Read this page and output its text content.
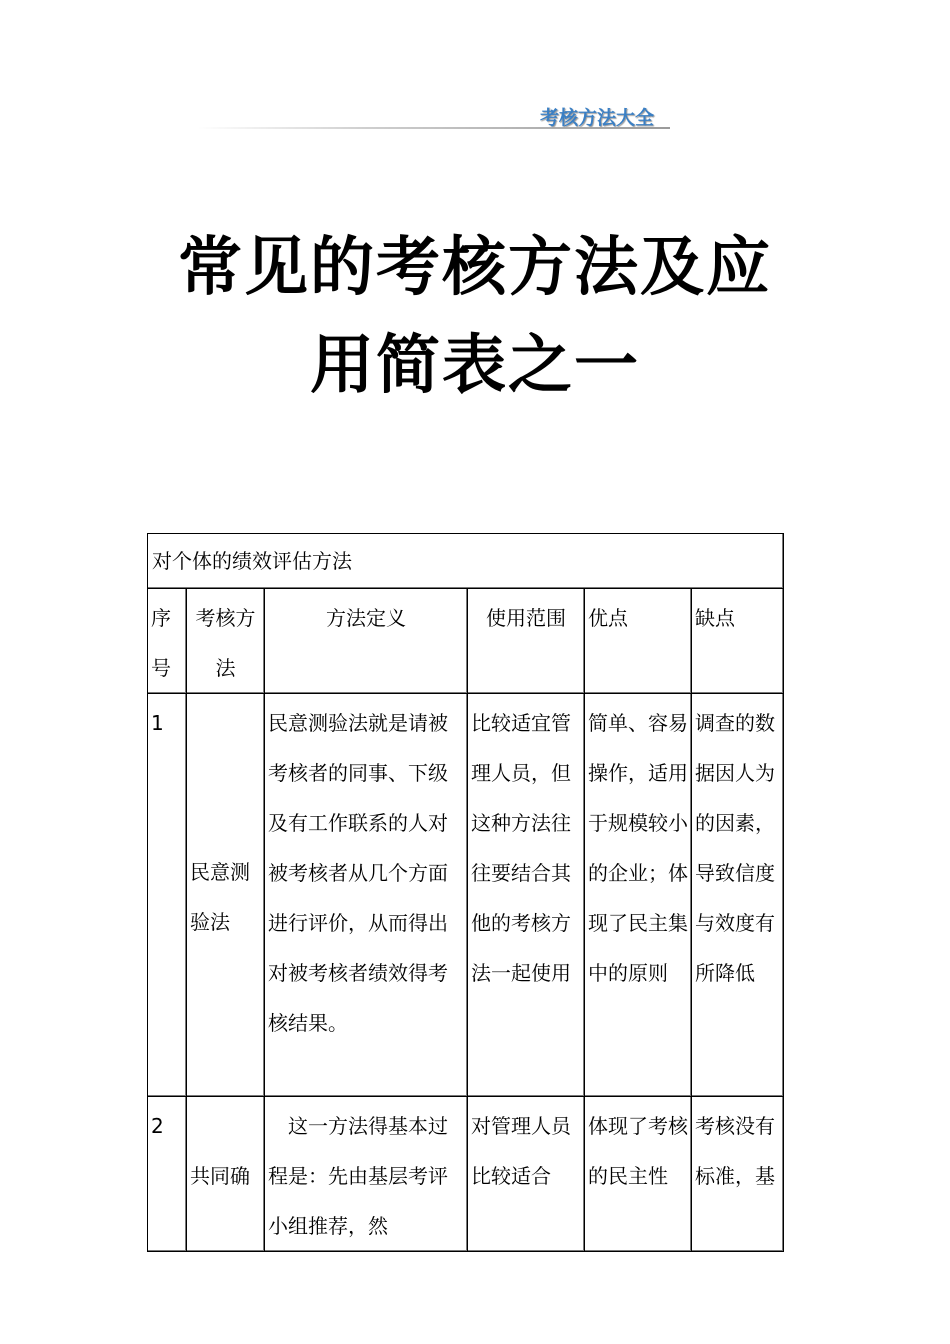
考核方法大全
常见的考核方法及应
用简表之一
对个体的绩效评估方法					
序号	考核方法	方法定义	使用范围	优点	缺点
1	民意测验法	民意测验法就是请被考核者的同事、下级及有工作联系的人对被考核者从几个方面进行评价，从而得出对被考核者绩效得考核结果。	比较适宜管理人员，但这种方法往往要结合其他的考核方法一起使用	简单、容易操作，适用于规模较小的企业；体现了民主集中的原则	调查的数据因人为的因素，导致信度与效度有所降低
2	共同确	这一方法得基本过程是：先由基层考评小组推荐，然	对管理人员比较适合	体现了考核的民主性	考核没有标准，基
